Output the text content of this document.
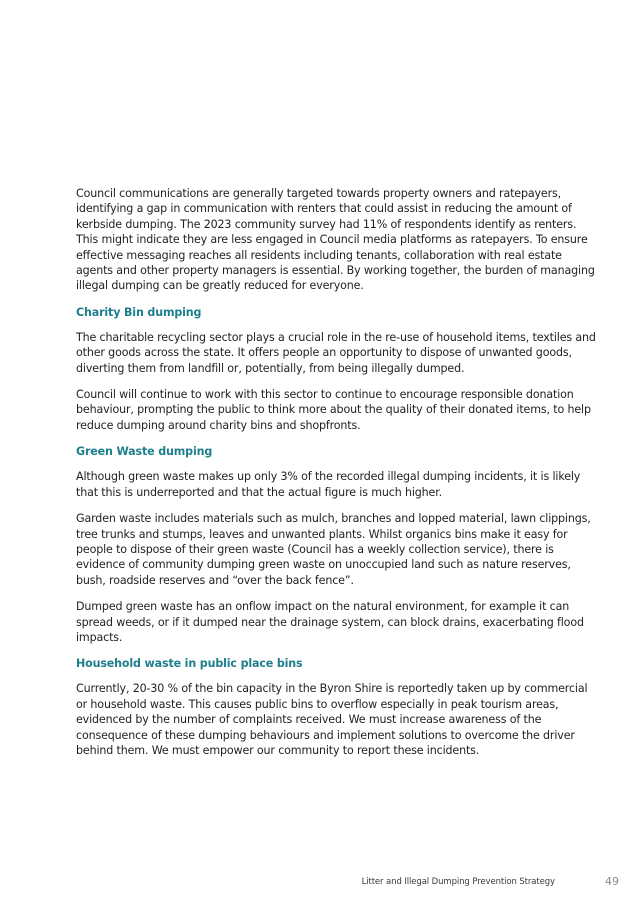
Council communications are generally targeted towards property owners and ratepayers, identifying a gap in communication with renters that could assist in reducing the amount of kerbside dumping. The 2023 community survey had 11% of respondents identify as renters. This might indicate they are less engaged in Council media platforms as ratepayers. To ensure effective messaging reaches all residents including tenants, collaboration with real estate agents and other property managers is essential. By working together, the burden of managing illegal dumping can be greatly reduced for everyone.

Charity Bin dumping

The charitable recycling sector plays a crucial role in the re-use of household items, textiles and other goods across the state. It offers people an opportunity to dispose of unwanted goods, diverting them from landfill or, potentially, from being illegally dumped.

Council will continue to work with this sector to continue to encourage responsible donation behaviour, prompting the public to think more about the quality of their donated items, to help reduce dumping around charity bins and shopfronts.

Green Waste dumping

Although green waste makes up only 3% of the recorded illegal dumping incidents, it is likely that this is underreported and that the actual figure is much higher.

Garden waste includes materials such as mulch, branches and lopped material, lawn clippings, tree trunks and stumps, leaves and unwanted plants. Whilst organics bins make it easy for people to dispose of their green waste (Council has a weekly collection service), there is evidence of community dumping green waste on unoccupied land such as nature reserves, bush, roadside reserves and “over the back fence”.

Dumped green waste has an onflow impact on the natural environment, for example it can spread weeds, or if it dumped near the drainage system, can block drains, exacerbating flood impacts.

Household waste in public place bins

Currently, 20-30 % of the bin capacity in the Byron Shire is reportedly taken up by commercial or household waste. This causes public bins to overflow especially in peak tourism areas, evidenced by the number of complaints received. We must increase awareness of the consequence of these dumping behaviours and implement solutions to overcome the driver behind them. We must empower our community to report these incidents.

Litter and Illegal Dumping Prevention Strategy	49
